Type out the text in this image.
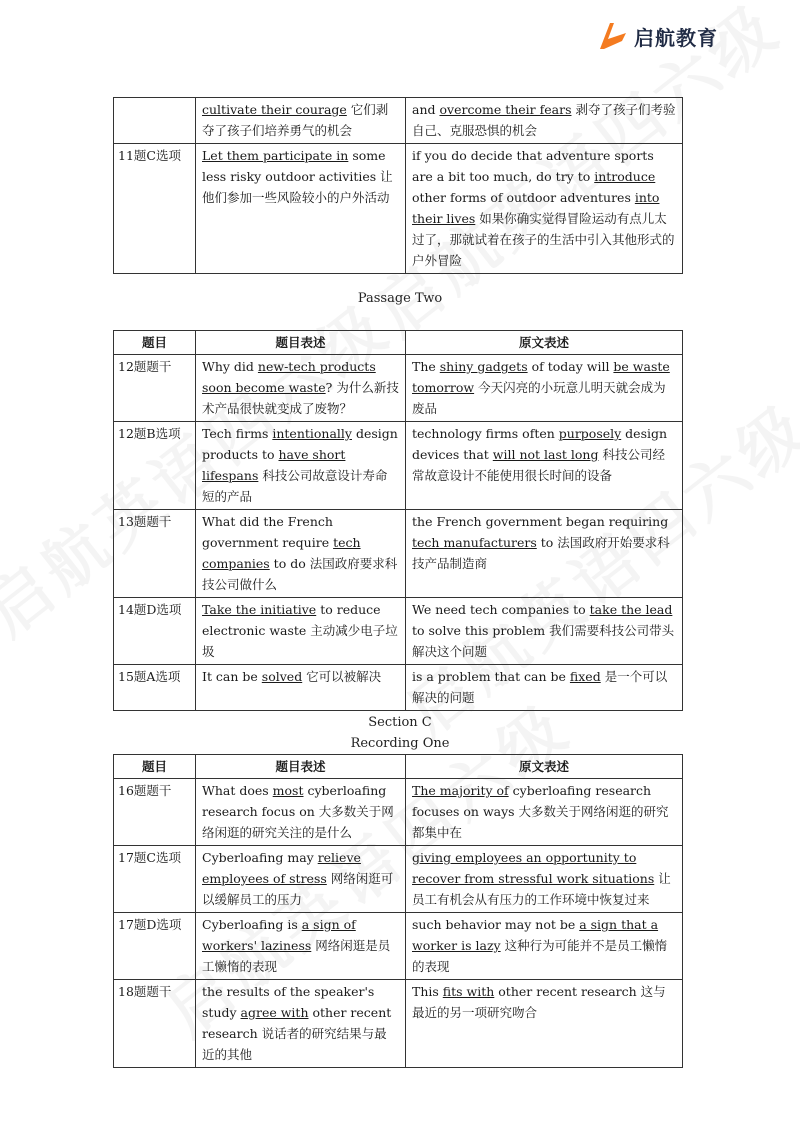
启航教育
	cultivate their courage 它们剥夺了孩子们培养勇气的机会	and overcome their fears 剥夺了孩子们考验自己、克服恐惧的机会
11题C选项	Let them participate in some less risky outdoor activities 让他们参加一些风险较小的户外活动	if you do decide that adventure sports are a bit too much, do try to introduce other forms of outdoor adventures into their lives 如果你确实觉得冒险运动有点儿太过了，那就试着在孩子的生活中引入其他形式的户外冒险
Passage Two
题目	题目表述	原文表述
12题题干	Why did new-tech products soon become waste? 为什么新技术产品很快就变成了废物？	The shiny gadgets of today will be waste tomorrow 今天闪亮的小玩意儿明天就会成为废品
12题B选项	Tech firms intentionally design products to have short lifespans 科技公司故意设计寿命短的产品	technology firms often purposely design devices that will not last long 科技公司经常故意设计不能使用很长时间的设备
13题题干	What did the French government require tech companies to do 法国政府要求科技公司做什么	the French government began requiring tech manufacturers to 法国政府开始要求科技产品制造商
14题D选项	Take the initiative to reduce electronic waste 主动减少电子垃圾	We need tech companies to take the lead to solve this problem 我们需要科技公司带头解决这个问题
15题A选项	It can be solved 它可以被解决	is a problem that can be fixed 是一个可以解决的问题
Section C
Recording One
题目	题目表述	原文表述
16题题干	What does most cyberloafing research focus on 大多数关于网络闲逛的研究关注的是什么	The majority of cyberloafing research focuses on ways 大多数关于网络闲逛的研究都集中在
17题C选项	Cyberloafing may relieve employees of stress 网络闲逛可以缓解员工的压力	giving employees an opportunity to recover from stressful work situations 让员工有机会从有压力的工作环境中恢复过来
17题D选项	Cyberloafing is a sign of workers' laziness 网络闲逛是员工懒惰的表现	such behavior may not be a sign that a worker is lazy 这种行为可能并不是员工懒惰的表现
18题题干	the results of the speaker's study agree with other recent research 说话者的研究结果与最近的其他	This fits with other recent research 这与最近的另一项研究吻合
